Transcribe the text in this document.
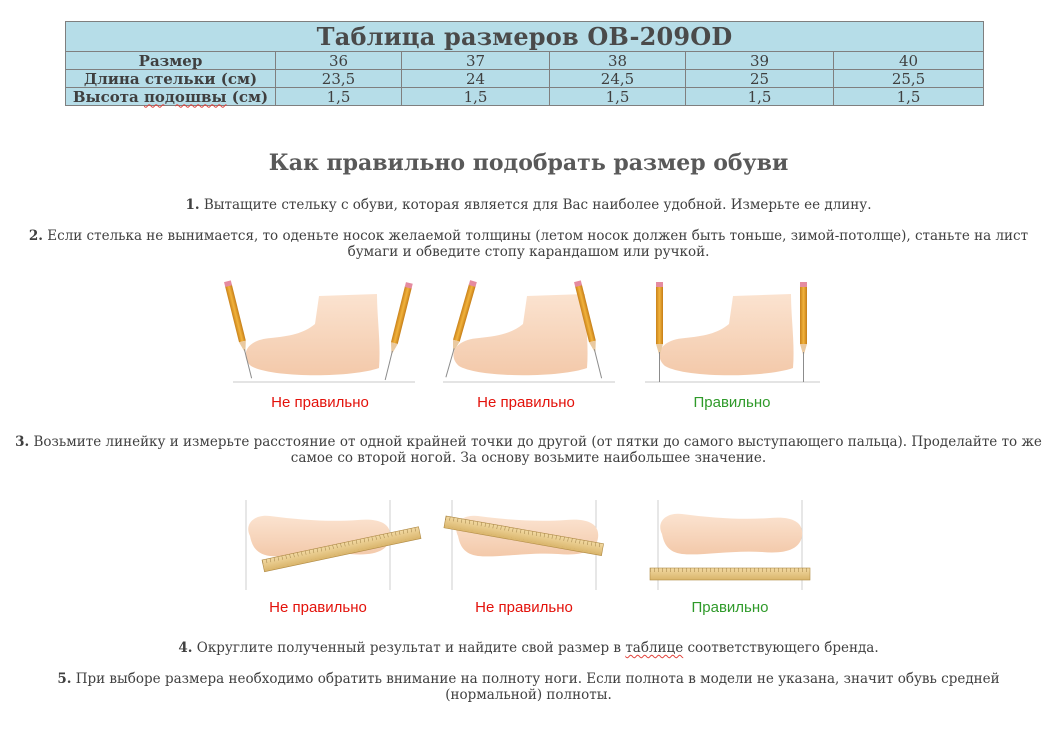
Таблица размеров OB-209OD					
Размер	36	37	38	39	40
Длина стельки (см)	23,5	24	24,5	25	25,5
Высота подошвы (см)	1,5	1,5	1,5	1,5	1,5
Как правильно подобрать размер обуви

1. Вытащите стельку с обуви, которая является для Вас наиболее удобной. Измерьте ее длину.

2. Если стелька не вынимается, то оденьте носок желаемой толщины (летом носок должен быть тоньше, зимой-потолще), станьте на лист бумаги и обведите стопу карандашом или ручкой.

Не правильно	Не правильно	Правильно

3. Возьмите линейку и измерьте расстояние от одной крайней точки до другой (от пятки до самого выступающего пальца). Проделайте то же самое со второй ногой. За основу возьмите наибольшее значение.

Не правильно	Не правильно	Правильно

4. Округлите полученный результат и найдите свой размер в таблице соответствующего бренда.

5. При выборе размера необходимо обратить внимание на полноту ноги. Если полнота в модели не указана, значит обувь средней (нормальной) полноты.
